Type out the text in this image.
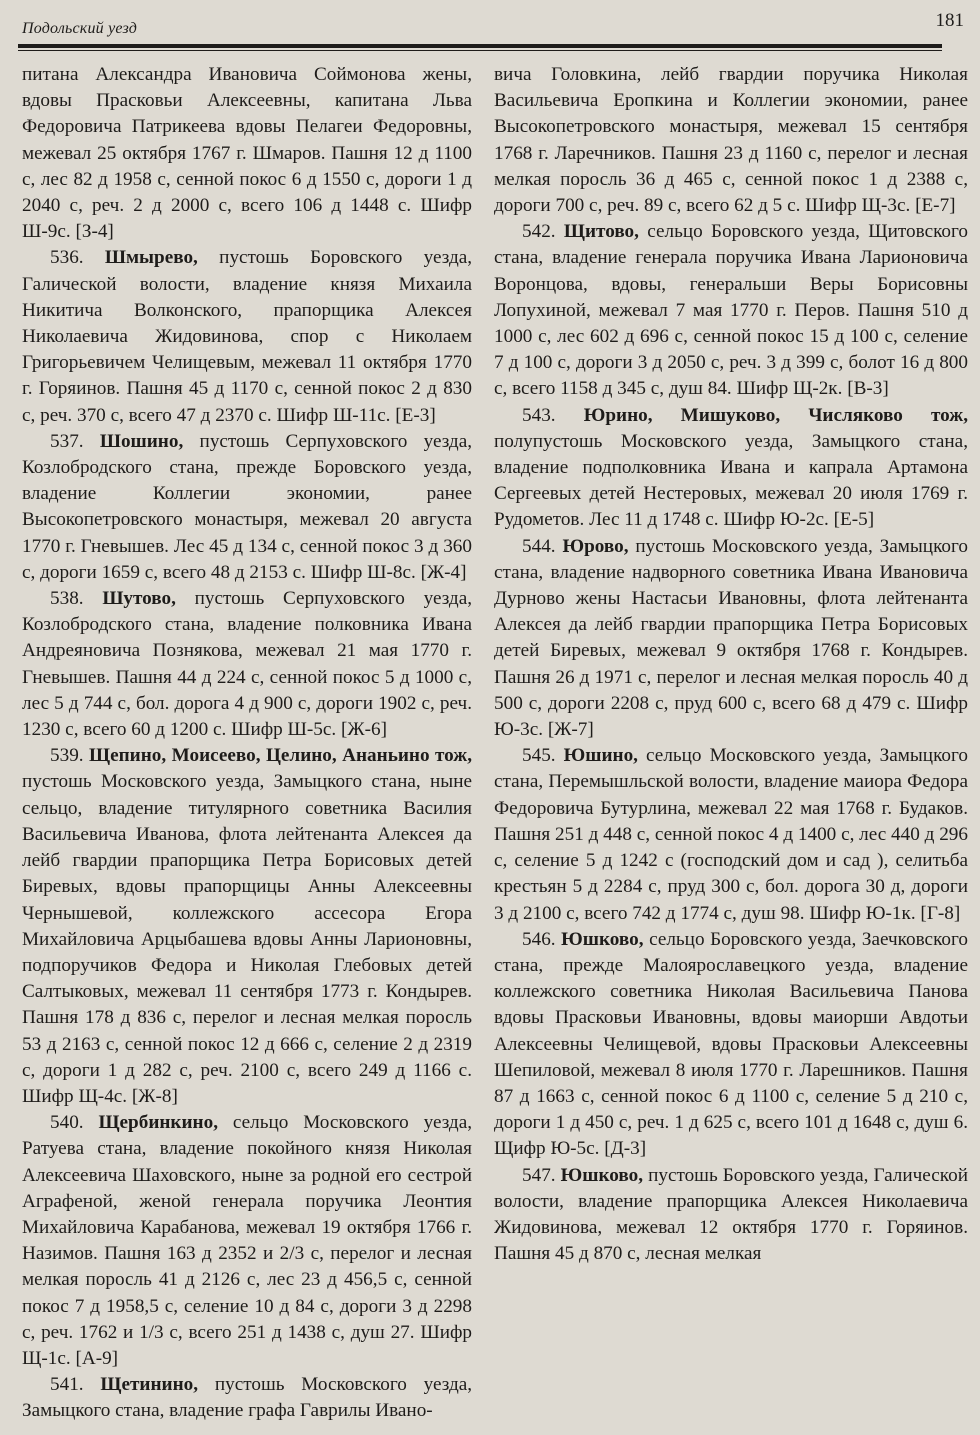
Подольский уезд	181

питана Александра Ивановича Соймонова жены, вдовы Прасковьи Алексеевны, капитана Льва Федоровича Патрикеева вдовы Пелагеи Федоровны, межевал 25 октября 1767 г. Шмаров. Пашня 12 д 1100 с, лес 82 д 1958 с, сенной покос 6 д 1550 с, дороги 1 д 2040 с, реч. 2 д 2000 с, всего 106 д 1448 с. Шифр Ш-9с. [З-4]

536. Шмырево, пустошь Боровского уезда, Галической волости, владение князя Михаила Никитича Волконского, прапорщика Алексея Николаевича Жидовинова, спор с Николаем Григорьевичем Челищевым, межевал 11 октября 1770 г. Горяинов. Пашня 45 д 1170 с, сенной покос 2 д 830 с, реч. 370 с, всего 47 д 2370 с. Шифр Ш-11с. [Е-3]

537. Шошино, пустошь Серпуховского уезда, Козлобродского стана, прежде Боровского уезда, владение Коллегии экономии, ранее Высокопетровского монастыря, межевал 20 августа 1770 г. Гневышев. Лес 45 д 134 с, сенной покос 3 д 360 с, дороги 1659 с, всего 48 д 2153 с. Шифр Ш-8с. [Ж-4]

538. Шутово, пустошь Серпуховского уезда, Козлобродского стана, владение полковника Ивана Андреяновича Познякова, межевал 21 мая 1770 г. Гневышев. Пашня 44 д 224 с, сенной покос 5 д 1000 с, лес 5 д 744 с, бол. дорога 4 д 900 с, дороги 1902 с, реч. 1230 с, всего 60 д 1200 с. Шифр Ш-5с. [Ж-6]

539. Щепино, Моисеево, Целино, Ананьино тож, пустошь Московского уезда, Замыцкого стана, ныне сельцо, владение титулярного советника Василия Васильевича Иванова, флота лейтенанта Алексея да лейб гвардии прапорщика Петра Борисовых детей Биревых, вдовы прапорщицы Анны Алексеевны Чернышевой, коллежского ассесора Егора Михайловича Арцыбашева вдовы Анны Ларионовны, подпоручиков Федора и Николая Глебовых детей Салтыковых, межевал 11 сентября 1773 г. Кондырев. Пашня 178 д 836 с, перелог и лесная мелкая поросль 53 д 2163 с, сенной покос 12 д 666 с, селение 2 д 2319 с, дороги 1 д 282 с, реч. 2100 с, всего 249 д 1166 с. Шифр Щ-4с. [Ж-8]

540. Щербинкино, сельцо Московского уезда, Ратуева стана, владение покойного князя Николая Алексеевича Шаховского, ныне за родной его сестрой Аграфеной, женой генерала поручика Леонтия Михайловича Карабанова, межевал 19 октября 1766 г. Назимов. Пашня 163 д 2352 и 2/3 с, перелог и лесная мелкая поросль 41 д 2126 с, лес 23 д 456,5 с, сенной покос 7 д 1958,5 с, селение 10 д 84 с, дороги 3 д 2298 с, реч. 1762 и 1/3 с, всего 251 д 1438 с, душ 27. Шифр Щ-1с. [А-9]

541. Щетинино, пустошь Московского уезда, Замыцкого стана, владение графа Гаврилы Ивано-

вича Головкина, лейб гвардии поручика Николая Васильевича Еропкина и Коллегии экономии, ранее Высокопетровского монастыря, межевал 15 сентября 1768 г. Ларечников. Пашня 23 д 1160 с, перелог и лесная мелкая поросль 36 д 465 с, сенной покос 1 д 2388 с, дороги 700 с, реч. 89 с, всего 62 д 5 с. Шифр Щ-3с. [Е-7]

542. Щитово, сельцо Боровского уезда, Щитовского стана, владение генерала поручика Ивана Ларионовича Воронцова, вдовы, генеральши Веры Борисовны Лопухиной, межевал 7 мая 1770 г. Перов. Пашня 510 д 1000 с, лес 602 д 696 с, сенной покос 15 д 100 с, селение 7 д 100 с, дороги 3 д 2050 с, реч. 3 д 399 с, болот 16 д 800 с, всего 1158 д 345 с, душ 84. Шифр Щ-2к. [В-3]

543. Юрино, Мишуково, Числяково тож, полупустошь Московского уезда, Замыцкого стана, владение подполковника Ивана и капрала Артамона Сергеевых детей Нестеровых, межевал 20 июля 1769 г. Рудометов. Лес 11 д 1748 с. Шифр Ю-2с. [Е-5]

544. Юрово, пустошь Московского уезда, Замыцкого стана, владение надворного советника Ивана Ивановича Дурново жены Настасьи Ивановны, флота лейтенанта Алексея да лейб гвардии прапорщика Петра Борисовых детей Биревых, межевал 9 октября 1768 г. Кондырев. Пашня 26 д 1971 с, перелог и лесная мелкая поросль 40 д 500 с, дороги 2208 с, пруд 600 с, всего 68 д 479 с. Шифр Ю-3с. [Ж-7]

545. Юшино, сельцо Московского уезда, Замыцкого стана, Перемышльской волости, владение маиора Федора Федоровича Бутурлина, межевал 22 мая 1768 г. Будаков. Пашня 251 д 448 с, сенной покос 4 д 1400 с, лес 440 д 296 с, селение 5 д 1242 с (господский дом и сад ), селитьба крестьян 5 д 2284 с, пруд 300 с, бол. дорога 30 д, дороги 3 д 2100 с, всего 742 д 1774 с, душ 98. Шифр Ю-1к. [Г-8]

546. Юшково, сельцо Боровского уезда, Заечковского стана, прежде Малоярославецкого уезда, владение коллежского советника Николая Васильевича Панова вдовы Прасковьи Ивановны, вдовы маиорши Авдотьи Алексеевны Челищевой, вдовы Прасковьи Алексеевны Шепиловой, межевал 8 июля 1770 г. Ларешников. Пашня 87 д 1663 с, сенной покос 6 д 1100 с, селение 5 д 210 с, дороги 1 д 450 с, реч. 1 д 625 с, всего 101 д 1648 с, душ 6. Щифр Ю-5с. [Д-3]

547. Юшково, пустошь Боровского уезда, Галической волости, владение прапорщика Алексея Николаевича Жидовинова, межевал 12 октября 1770 г. Горяинов. Пашня 45 д 870 с, лесная мелкая
